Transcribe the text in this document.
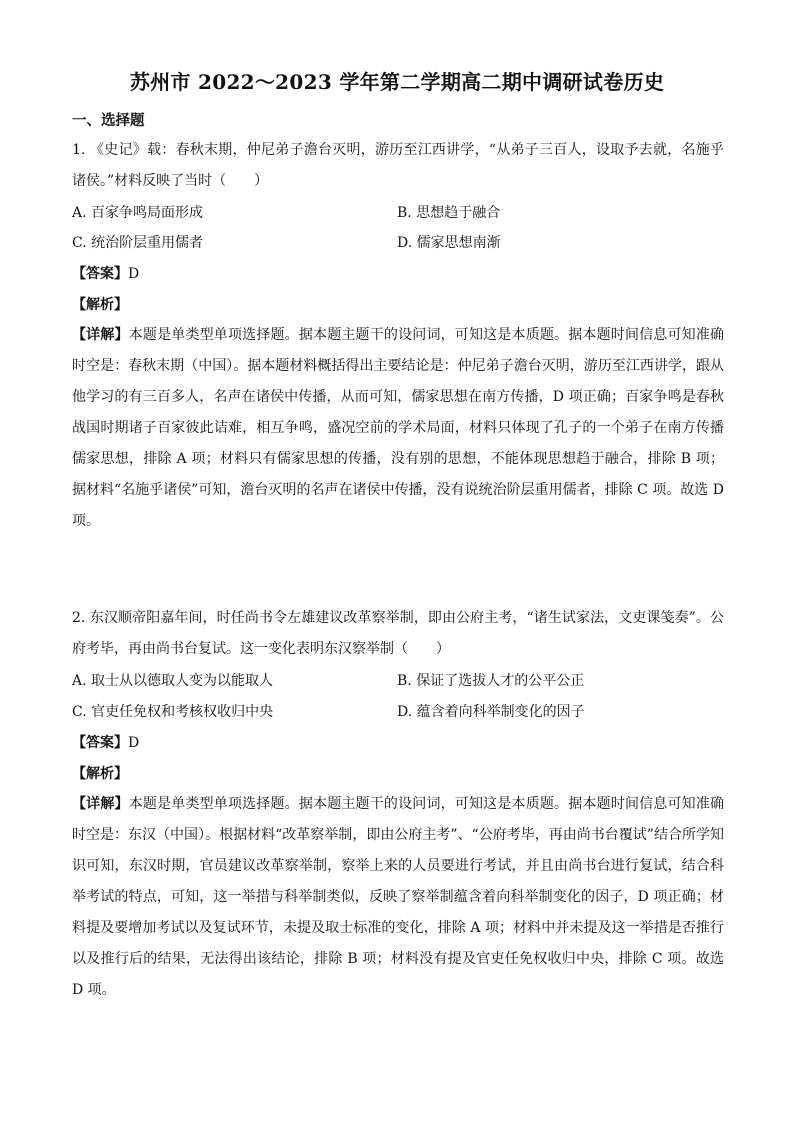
苏州市 2022～2023 学年第二学期高二期中调研试卷历史
一、选择题

1. 《史记》载：春秋末期，仲尼弟子澹台灭明，游历至江西讲学，“从弟子三百人，设取予去就，名施乎诸侯。”材料反映了当时（　　）

A. 百家争鸣局面形成	B. 思想趋于融合
C. 统治阶层重用儒者	D. 儒家思想南渐
【答案】D
【解析】

【详解】本题是单类型单项选择题。据本题主题干的设问词，可知这是本质题。据本题时间信息可知准确时空是：春秋末期（中国）。据本题材料概括得出主要结论是：仲尼弟子澹台灭明，游历至江西讲学，跟从他学习的有三百多人，名声在诸侯中传播，从而可知，儒家思想在南方传播，D 项正确；百家争鸣是春秋战国时期诸子百家彼此诘难，相互争鸣，盛况空前的学术局面，材料只体现了孔子的一个弟子在南方传播儒家思想，排除 A 项；材料只有儒家思想的传播，没有别的思想，不能体现思想趋于融合，排除 B 项；据材料“名施乎诸侯”可知，澹台灭明的名声在诸侯中传播，没有说统治阶层重用儒者，排除 C 项。故选 D 项。

2. 东汉顺帝阳嘉年间，时任尚书令左雄建议改革察举制，即由公府主考，“诸生试家法，文吏课笺奏”。公府考毕，再由尚书台复试。这一变化表明东汉察举制（　　）

A. 取士从以德取人变为以能取人	B. 保证了选拔人才的公平公正
C. 官吏任免权和考核权收归中央	D. 蕴含着向科举制变化的因子
【答案】D
【解析】

【详解】本题是单类型单项选择题。据本题主题干的设问词，可知这是本质题。据本题时间信息可知准确时空是：东汉（中国）。根据材料“改革察举制，即由公府主考”、“公府考毕，再由尚书台覆试”结合所学知识可知，东汉时期，官员建议改革察举制，察举上来的人员要进行考试，并且由尚书台进行复试，结合科举考试的特点，可知，这一举措与科举制类似，反映了察举制蕴含着向科举制变化的因子，D 项正确；材料提及要增加考试以及复试环节，未提及取士标准的变化，排除 A 项；材料中并未提及这一举措是否推行以及推行后的结果，无法得出该结论，排除 B 项；材料没有提及官吏任免权收归中央，排除 C 项。故选 D 项。
